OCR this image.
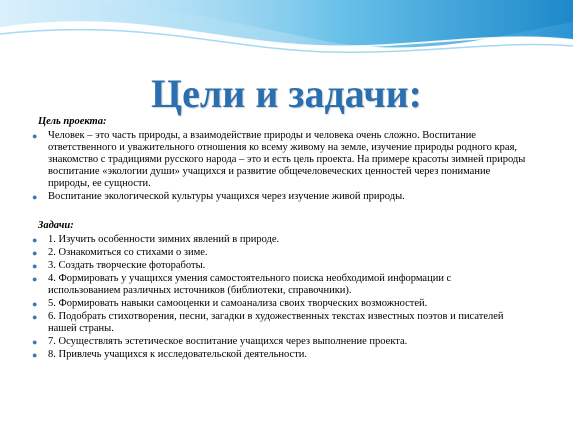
Цели и задачи:
Цель проекта:
● Человек – это часть природы, а взаимодействие природы и человека очень сложно. Воспитание ответственного и уважительного отношения ко всему живому на земле, изучение природы родного края, знакомство с традициями русского народа – это и есть цель проекта. На примере красоты зимней природы воспитание «экологии души» учащихся и развитие общечеловеческих ценностей через понимание природы, ее сущности.
● Воспитание экологической культуры учащихся через изучение живой природы.
Задачи:
● 1. Изучить особенности зимних явлений в природе.
● 2. Ознакомиться со стихами о зиме.
● 3. Создать творческие фоторaботы.
● 4. Формировать у учащихся умения самостоятельного поиска необходимой информации с использованием различных источников (библиотеки, справочники).
● 5. Формировать навыки самооценки и самоанализа своих творческих возможностей.
● 6. Подобрать стихотворения, песни, загадки в художественных текстах известных поэтов и писателей нашей страны.
● 7. Осуществлять эстетическое воспитание учащихся через выполнение проекта.
● 8. Привлечь учащихся к исследовательской деятельности.
